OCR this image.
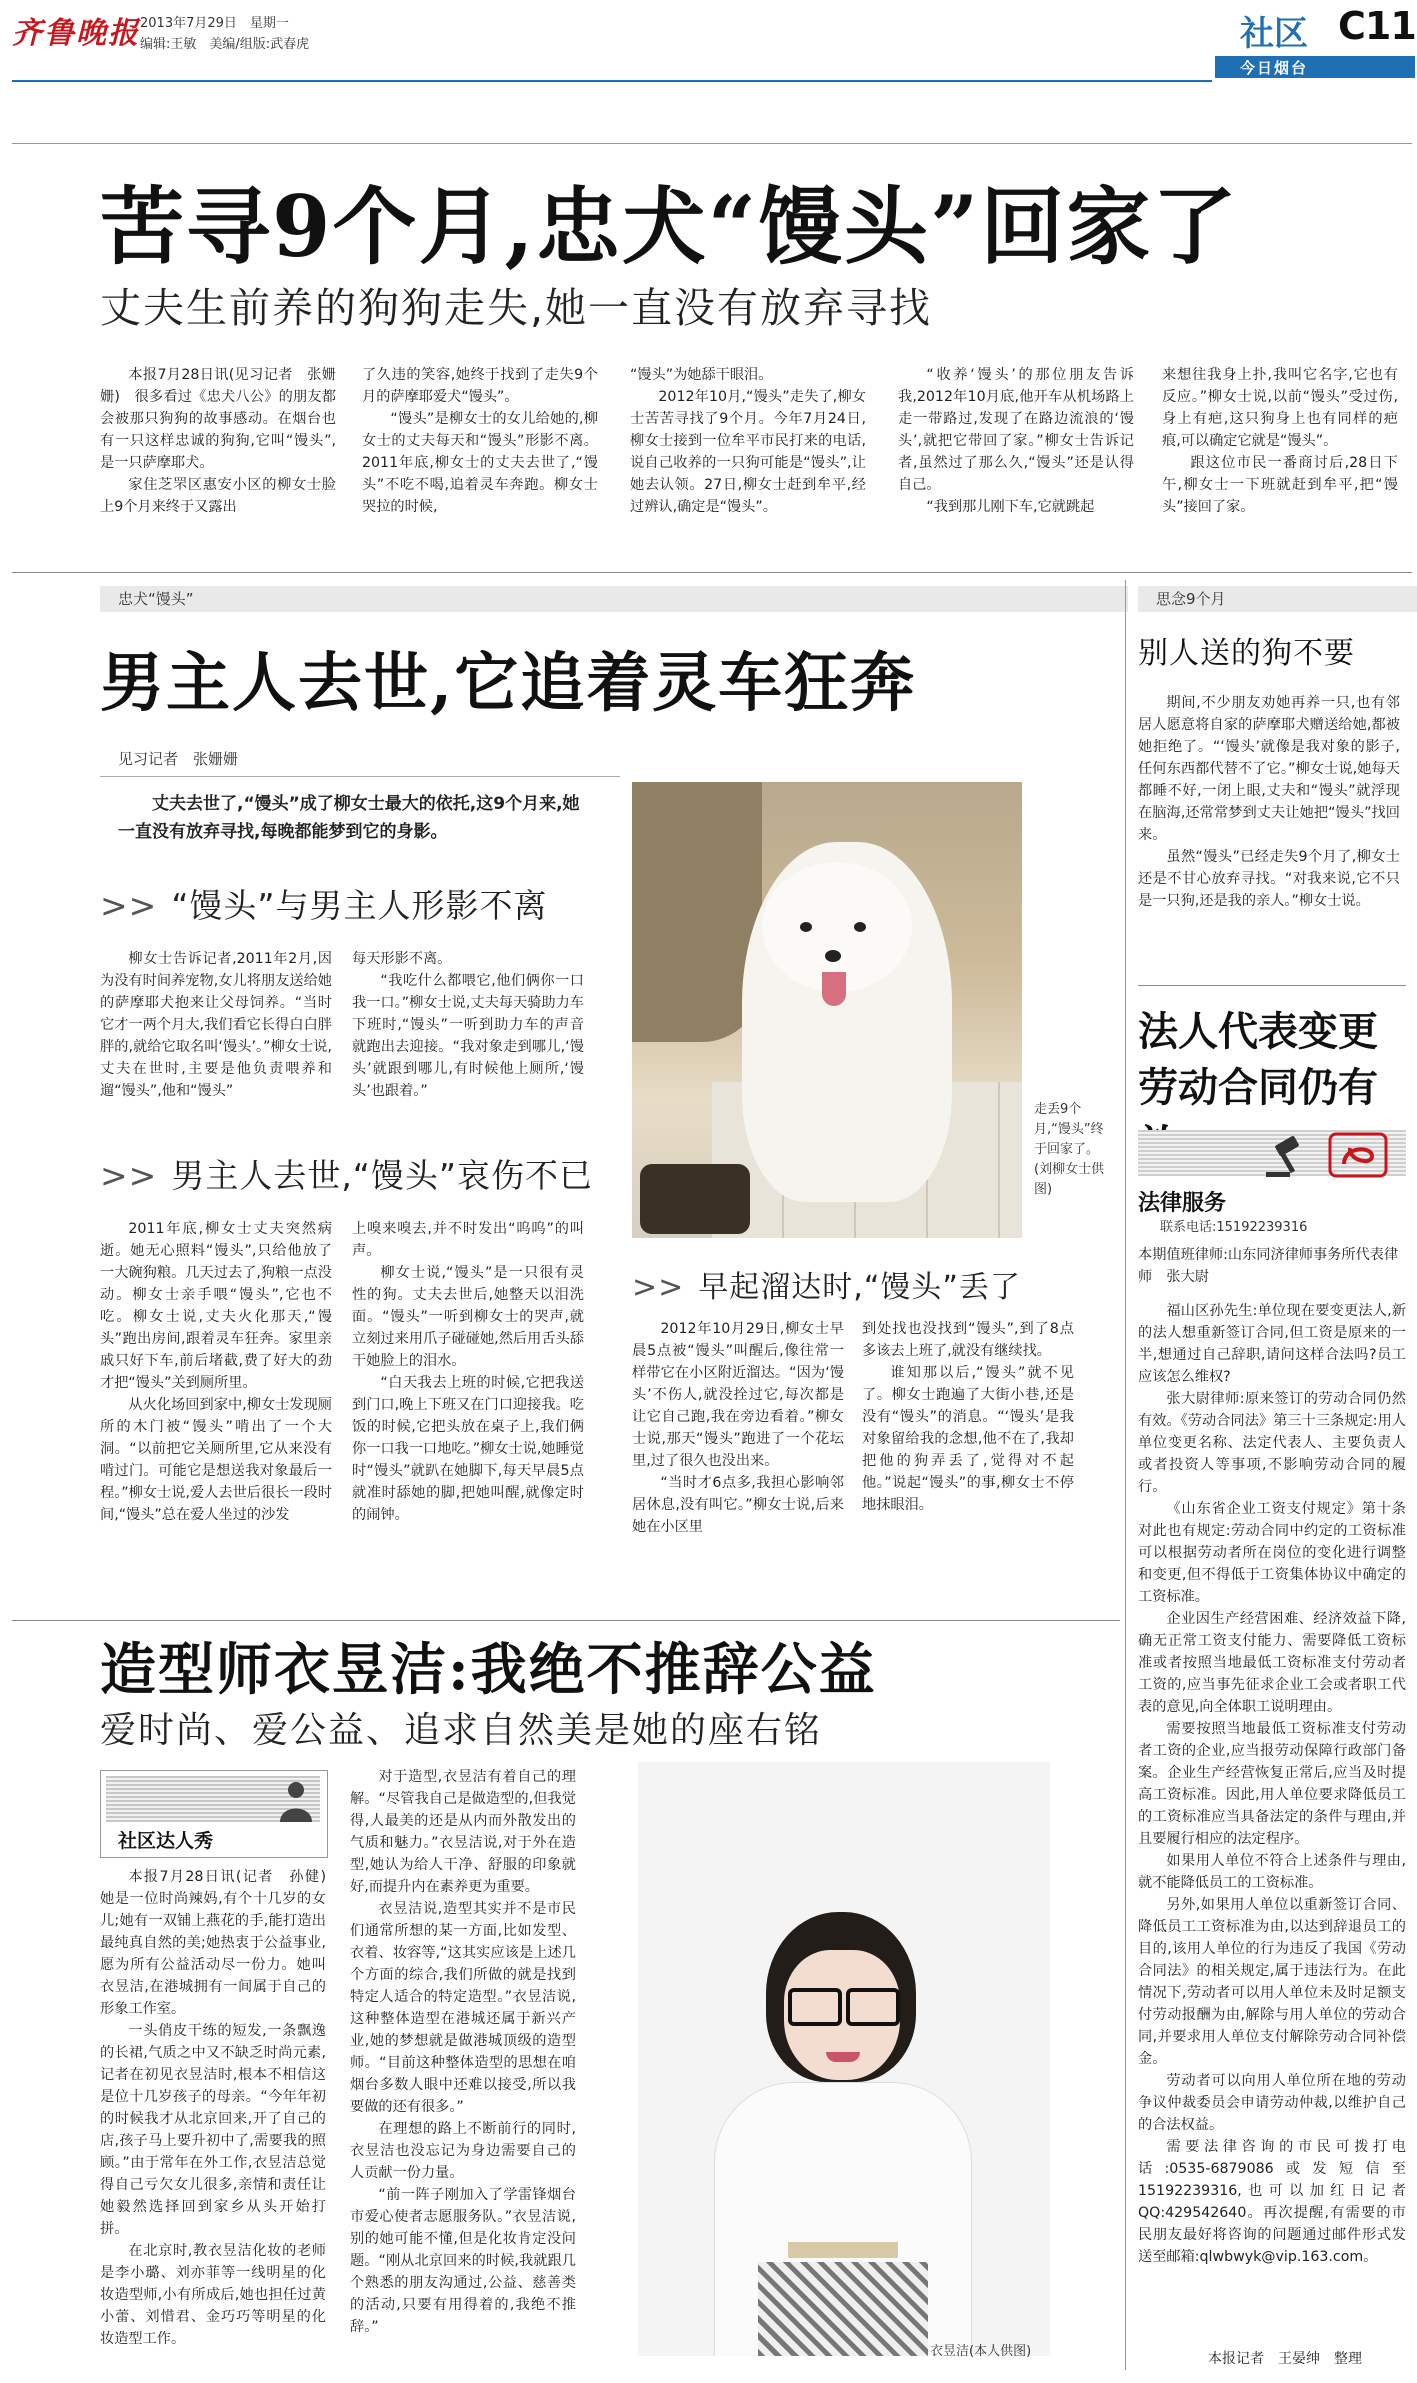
齐鲁晚报 2013年7月29日　星期一
编辑:王敏　美编/组版:武春虎	社区 C11
今日烟台
苦寻9个月,忠犬“馒头”回家了
丈夫生前养的狗狗走失,她一直没有放弃寻找

本报7月28日讯(见习记者　张姗姗)　很多看过《忠犬八公》的朋友都会被那只狗狗的故事感动。在烟台也有一只这样忠诚的狗狗,它叫“馒头”,是一只萨摩耶犬。

家住芝罘区惠安小区的柳女士脸上9个月来终于又露出

了久违的笑容,她终于找到了走失9个月的萨摩耶爱犬“馒头”。

“馒头”是柳女士的女儿给她的,柳女士的丈夫每天和“馒头”形影不离。2011年底,柳女士的丈夫去世了,“馒头”不吃不喝,追着灵车奔跑。柳女士哭拉的时候,

“馒头”为她舔干眼泪。

2012年10月,“馒头”走失了,柳女士苦苦寻找了9个月。今年7月24日,柳女士接到一位牟平市民打来的电话,说自己收养的一只狗可能是“馒头”,让她去认领。27日,柳女士赶到牟平,经过辨认,确定是“馒头”。

“收养‘馒头’的那位朋友告诉我,2012年10月底,他开车从机场路上走一带路过,发现了在路边流浪的‘馒头’,就把它带回了家。”柳女士告诉记者,虽然过了那么久,“馒头”还是认得自己。

“我到那儿刚下车,它就跳起

来想往我身上扑,我叫它名字,它也有反应。”柳女士说,以前“馒头”受过伤,身上有疤,这只狗身上也有同样的疤痕,可以确定它就是“馒头”。

跟这位市民一番商讨后,28日下午,柳女士一下班就赶到牟平,把“馒头”接回了家。

忠犬“馒头”
男主人去世,它追着灵车狂奔
见习记者　张姗姗
丈夫去世了,“馒头”成了柳女士最大的依托,这9个月来,她一直没有放弃寻找,每晚都能梦到它的身影。
>> “馒头”与男主人形影不离

柳女士告诉记者,2011年2月,因为没有时间养宠物,女儿将朋友送给她的萨摩耶犬抱来让父母饲养。“当时它才一两个月大,我们看它长得白白胖胖的,就给它取名叫‘馒头’。”柳女士说,丈夫在世时,主要是他负责喂养和遛“馒头”,他和“馒头”

每天形影不离。

“我吃什么都喂它,他们俩你一口我一口。”柳女士说,丈夫每天骑助力车下班时,“馒头”一听到助力车的声音就跑出去迎接。“我对象走到哪儿,‘馒头’就跟到哪儿,有时候他上厕所,‘馒头’也跟着。”

>> 男主人去世,“馒头”哀伤不已

2011年底,柳女士丈夫突然病逝。她无心照料“馒头”,只给他放了一大碗狗粮。几天过去了,狗粮一点没动。柳女士亲手喂“馒头”,它也不吃。柳女士说,丈夫火化那天,“馒头”跑出房间,跟着灵车狂奔。家里亲戚只好下车,前后堵截,费了好大的劲才把“馒头”关到厕所里。

从火化场回到家中,柳女士发现厕所的木门被“馒头”啃出了一个大洞。“以前把它关厕所里,它从来没有啃过门。可能它是想送我对象最后一程。”柳女士说,爱人去世后很长一段时间,“馒头”总在爱人坐过的沙发

上嗅来嗅去,并不时发出“呜呜”的叫声。

柳女士说,“馒头”是一只很有灵性的狗。丈夫去世后,她整天以泪洗面。“馒头”一听到柳女士的哭声,就立刻过来用爪子碰碰她,然后用舌头舔干她脸上的泪水。

“白天我去上班的时候,它把我送到门口,晚上下班又在门口迎接我。吃饭的时候,它把头放在桌子上,我们俩你一口我一口地吃。”柳女士说,她睡觉时“馒头”就趴在她脚下,每天早晨5点就准时舔她的脚,把她叫醒,就像定时的闹钟。

走丢9个月,“馒头”终于回家了。(刘柳女士供图)
>> 早起溜达时,“馒头”丢了

2012年10月29日,柳女士早晨5点被“馒头”叫醒后,像往常一样带它在小区附近溜达。“因为‘馒头’不伤人,就没拴过它,每次都是让它自己跑,我在旁边看着。”柳女士说,那天“馒头”跑进了一个花坛里,过了很久也没出来。

“当时才6点多,我担心影响邻居休息,没有叫它。”柳女士说,后来她在小区里

到处找也没找到“馒头”,到了8点多该去上班了,就没有继续找。

谁知那以后,“馒头”就不见了。柳女士跑遍了大街小巷,还是没有“馒头”的消息。“‘馒头’是我对象留给我的念想,他不在了,我却把他的狗弄丢了,觉得对不起他。”说起“馒头”的事,柳女士不停地抹眼泪。

思念9个月
别人送的狗不要

期间,不少朋友劝她再养一只,也有邻居人愿意将自家的萨摩耶犬赠送给她,都被她拒绝了。“‘馒头’就像是我对象的影子,任何东西都代替不了它。”柳女士说,她每天都睡不好,一闭上眼,丈夫和“馒头”就浮现在脑海,还常常梦到丈夫让她把“馒头”找回来。

虽然“馒头”已经走失9个月了,柳女士还是不甘心放弃寻找。“对我来说,它不只是一只狗,还是我的亲人。”柳女士说。

法人代表变更
劳动合同仍有
法律服务
联系电话:15192239316
本期值班律师:山东同济律师事务所代表律师　张大尉

福山区孙先生:单位现在要变更法人,新的法人想重新签订合同,但工资是原来的一半,想通过自己辞职,请问这样合法吗?员工应该怎么维权?

张大尉律师:原来签订的劳动合同仍然有效。《劳动合同法》第三十三条规定:用人单位变更名称、法定代表人、主要负责人或者投资人等事项,不影响劳动合同的履行。

《山东省企业工资支付规定》第十条对此也有规定:劳动合同中约定的工资标准可以根据劳动者所在岗位的变化进行调整和变更,但不得低于工资集体协议中确定的工资标准。

企业因生产经营困难、经济效益下降,确无正常工资支付能力、需要降低工资标准或者按照当地最低工资标准支付劳动者工资的,应当事先征求企业工会或者职工代表的意见,向全体职工说明理由。

需要按照当地最低工资标准支付劳动者工资的企业,应当报劳动保障行政部门备案。企业生产经营恢复正常后,应当及时提高工资标准。因此,用人单位要求降低员工的工资标准应当具备法定的条件与理由,并且要履行相应的法定程序。

如果用人单位不符合上述条件与理由,就不能降低员工的工资标准。

另外,如果用人单位以重新签订合同、降低员工工资标准为由,以达到辞退员工的目的,该用人单位的行为违反了我国《劳动合同法》的相关规定,属于违法行为。在此情况下,劳动者可以用人单位未及时足额支付劳动报酬为由,解除与用人单位的劳动合同,并要求用人单位支付解除劳动合同补偿金。

劳动者可以向用人单位所在地的劳动争议仲裁委员会申请劳动仲裁,以维护自己的合法权益。

需要法律咨询的市民可拨打电话:0535-6879086或发短信至15192239316,也可以加红日记者QQ:429542640。再次提醒,有需要的市民朋友最好将咨询的问题通过邮件形式发送至邮箱:qlwbwyk@vip.163.com。

本报记者　王晏绅　整理
造型师衣昱洁:我绝不推辞公益
爱时尚、爱公益、追求自然美是她的座右铭
社区达人秀

本报7月28日讯(记者　孙健)　她是一位时尚辣妈,有个十几岁的女儿;她有一双铺上燕花的手,能打造出最纯真自然的美;她热衷于公益事业,愿为所有公益活动尽一份力。她叫衣昱洁,在港城拥有一间属于自己的形象工作室。

一头俏皮干练的短发,一条飘逸的长裙,气质之中又不缺乏时尚元素,记者在初见衣昱洁时,根本不相信这是位十几岁孩子的母亲。“今年年初的时候我才从北京回来,开了自己的店,孩子马上要升初中了,需要我的照顾。”由于常年在外工作,衣昱洁总觉得自己亏欠女儿很多,亲情和责任让她毅然选择回到家乡从头开始打拼。

在北京时,教衣昱洁化妆的老师是李小璐、刘亦菲等一线明星的化妆造型师,小有所成后,她也担任过黄小蕾、刘惜君、金巧巧等明星的化妆造型工作。

对于造型,衣昱洁有着自己的理解。“尽管我自己是做造型的,但我觉得,人最美的还是从内而外散发出的气质和魅力。”衣昱洁说,对于外在造型,她认为给人干净、舒服的印象就好,而提升内在素养更为重要。

衣昱洁说,造型其实并不是市民们通常所想的某一方面,比如发型、衣着、妆容等,“这其实应该是上述几个方面的综合,我们所做的就是找到特定人适合的特定造型。”衣昱洁说,这种整体造型在港城还属于新兴产业,她的梦想就是做港城顶级的造型师。“目前这种整体造型的思想在咱烟台多数人眼中还难以接受,所以我要做的还有很多。”

在理想的路上不断前行的同时,衣昱洁也没忘记为身边需要自己的人贡献一份力量。

“前一阵子刚加入了学雷锋烟台市爱心使者志愿服务队。”衣昱洁说,别的她可能不懂,但是化妆肯定没问题。“刚从北京回来的时候,我就跟几个熟悉的朋友沟通过,公益、慈善类的活动,只要有用得着的,我绝不推辞。”

衣昱洁(本人供图)
